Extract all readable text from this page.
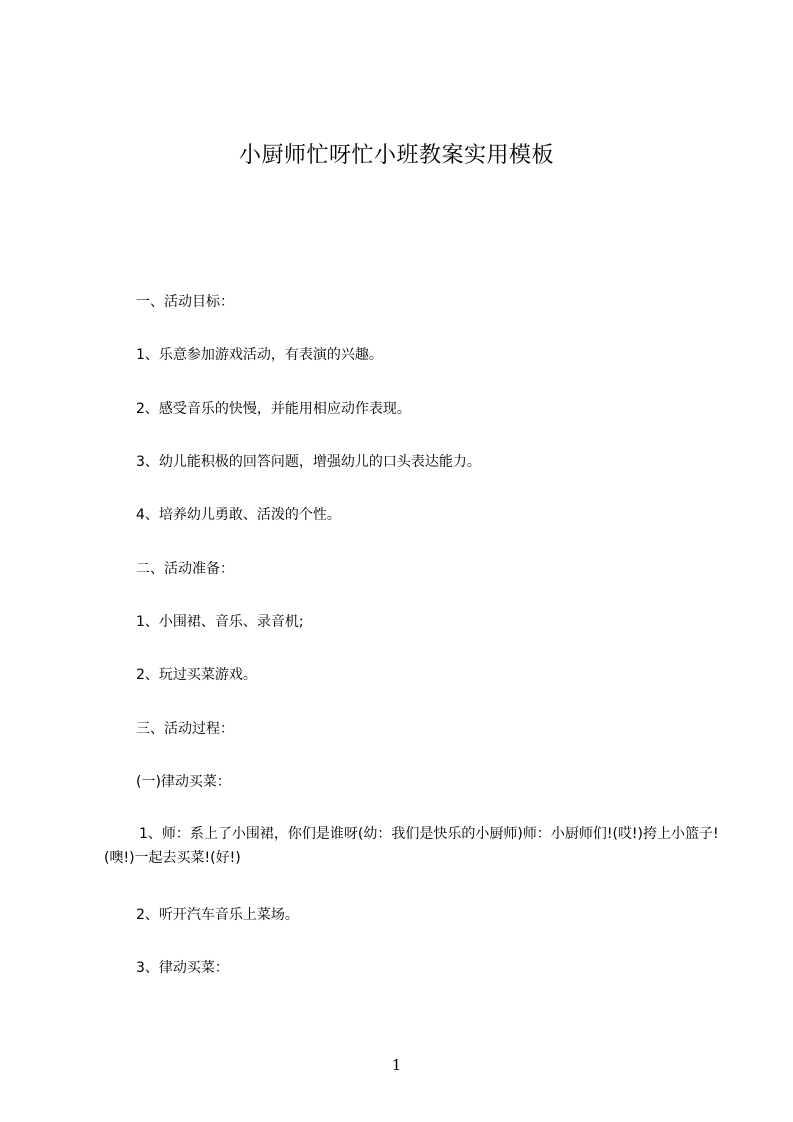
小厨师忙呀忙小班教案实用模板
一、活动目标：
1、乐意参加游戏活动，有表演的兴趣。
2、感受音乐的快慢，并能用相应动作表现。
3、幼儿能积极的回答问题，增强幼儿的口头表达能力。
4、培养幼儿勇敢、活泼的个性。
二、活动准备：
1、小围裙、音乐、录音机;
2、玩过买菜游戏。
三、活动过程：
(一)律动买菜：
1、师：系上了小围裙，你们是谁呀(幼：我们是快乐的小厨师)师：小厨师们!(哎!)挎上小篮子!(噢!)一起去买菜!(好!)
2、听开汽车音乐上菜场。
3、律动买菜：
1
